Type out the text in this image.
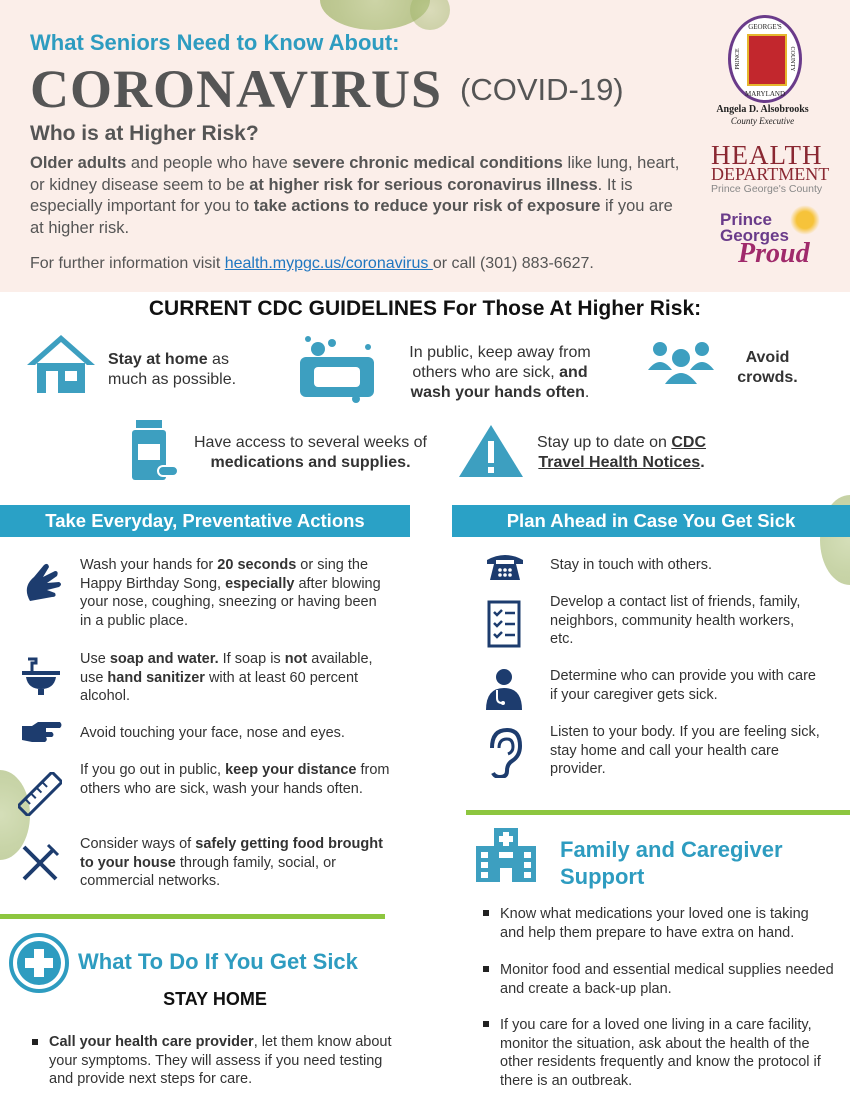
What Seniors Need to Know About:
CORONAVIRUS (COVID-19)
Who is at Higher Risk?
Older adults and people who have severe chronic medical conditions like lung, heart, or kidney disease seem to be at higher risk for serious coronavirus illness. It is especially important for you to take actions to reduce your risk of exposure if you are at higher risk.
For further information visit health.mypgc.us/coronavirus or call (301) 883-6627.
GEORGE'S
MARYLAND
PRINCE	COUNTY
Angela D. Alsobrooks
County Executive
HEALTH
DEPARTMENT
Prince George's County
Prince
Georges
Proud
CURRENT CDC GUIDELINES For Those At Higher Risk:
Stay at home as much as possible.
In public, keep away from others who are sick, and wash your hands often.
Avoid crowds.
Have access to several weeks of
medications and supplies.
Stay up to date on CDC
Travel Health Notices.
Take Everyday, Preventative Actions
Wash your hands for 20 seconds or sing the Happy Birthday Song, especially after blowing your nose, coughing, sneezing or having been in a public place.
Use soap and water. If soap is not available, use hand sanitizer with at least 60 percent alcohol.
Avoid touching your face, nose and eyes.
If you go out in public, keep your distance from others who are sick, wash your hands often.
Consider ways of safely getting food brought to your house through family, social, or commercial networks.
What To Do If You Get Sick
STAY HOME
Call your health care provider, let them know about your symptoms. They will assess if you need testing and provide next steps for care.
Plan Ahead in Case You Get Sick
Stay in touch with others.
Develop a contact list of friends, family, neighbors, community health workers, etc.
Determine who can provide you with care if your caregiver gets sick.
Listen to your body. If you are feeling sick, stay home and call your health care provider.
Family and Caregiver
Support
Know what medications your loved one is taking and help them prepare to have extra on hand.
Monitor food and essential medical supplies needed and create a back-up plan.
If you care for a loved one living in a care facility, monitor the situation, ask about the health of the other residents frequently and know the protocol if there is an outbreak.
